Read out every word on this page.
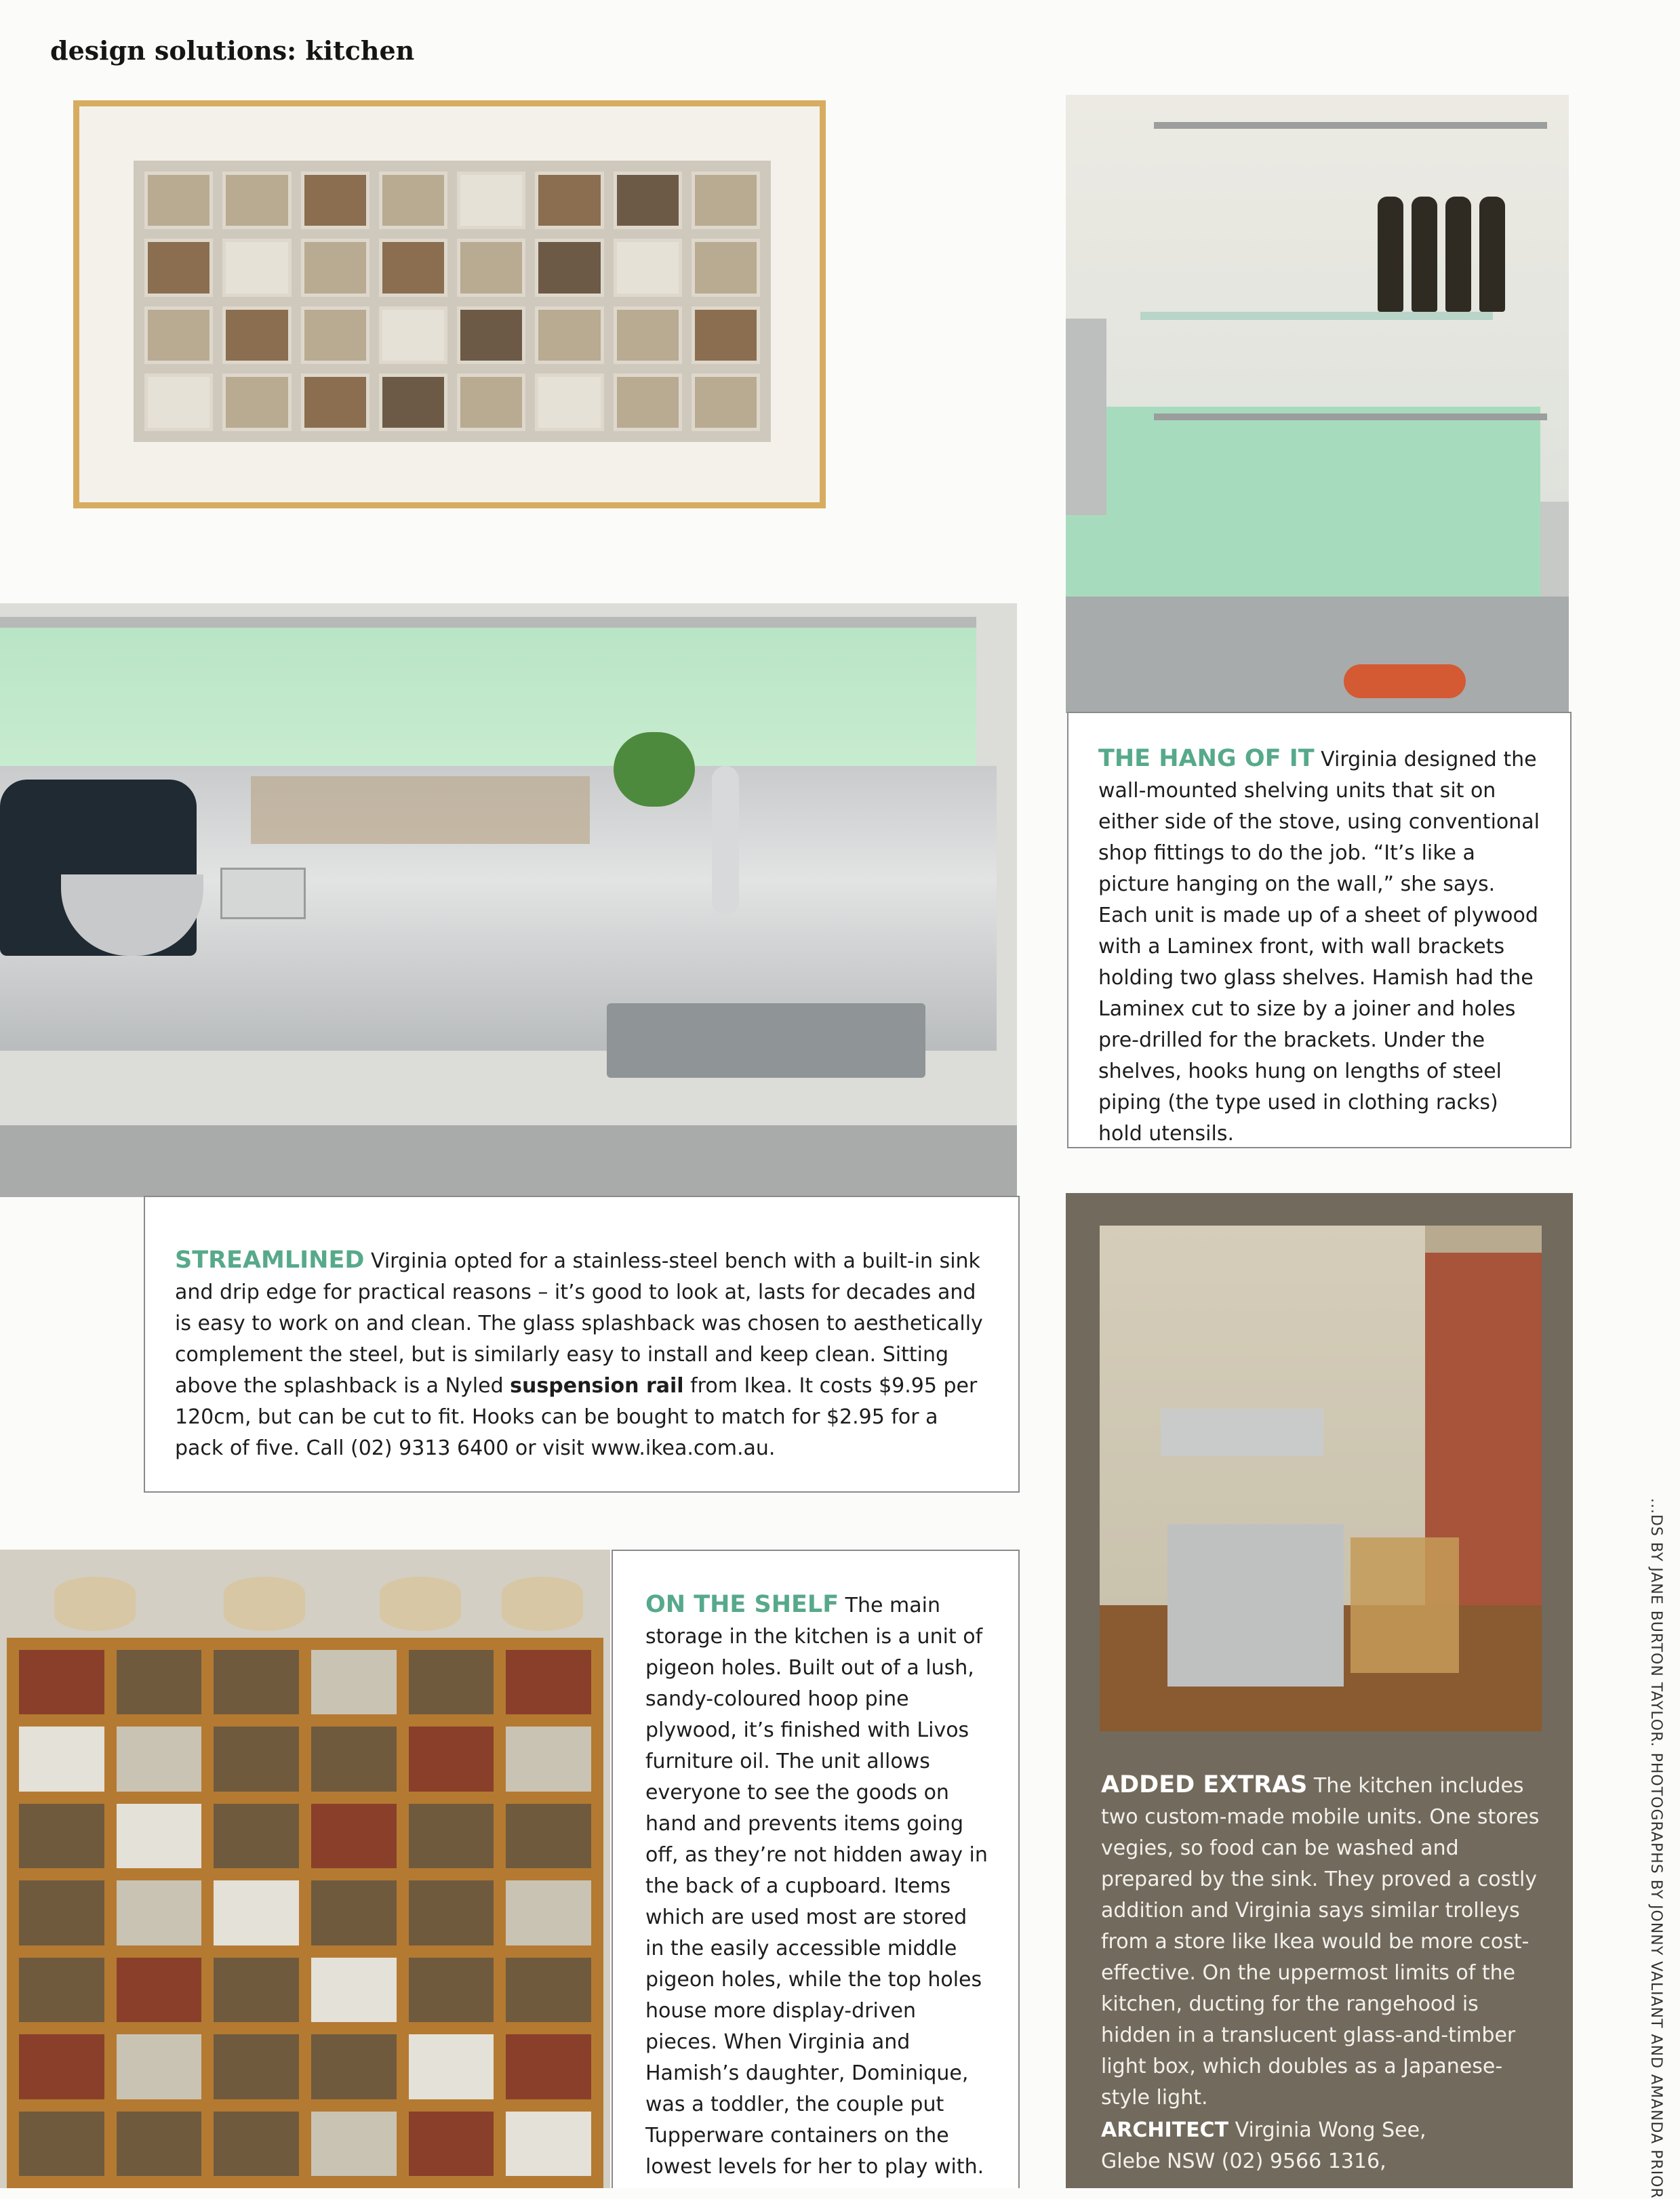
design solutions: kitchen
THE HANG OF IT Virginia designed the wall-mounted shelving units that sit on either side of the stove, using conventional shop fittings to do the job. “It’s like a picture hanging on the wall,” she says. Each unit is made up of a sheet of plywood with a Laminex front, with wall brackets holding two glass shelves. Hamish had the Laminex cut to size by a joiner and holes pre-drilled for the brackets. Under the shelves, hooks hung on lengths of steel piping (the type used in clothing racks) hold utensils.
STREAMLINED Virginia opted for a stainless-steel bench with a built-in sink and drip edge for practical reasons – it’s good to look at, lasts for decades and is easy to work on and clean. The glass splashback was chosen to aesthetically complement the steel, but is similarly easy to install and keep clean. Sitting above the splashback is a Nyled suspension rail from Ikea. It costs $9.95 per 120cm, but can be cut to fit. Hooks can be bought to match for $2.95 for a pack of five. Call (02) 9313 6400 or visit www.ikea.com.au.
ON THE SHELF The main storage in the kitchen is a unit of pigeon holes. Built out of a lush, sandy-coloured hoop pine plywood, it’s finished with Livos furniture oil. The unit allows everyone to see the goods on hand and prevents items going off, as they’re not hidden away in the back of a cupboard. Items which are used most are stored in the easily accessible middle pigeon holes, while the top holes house more display-driven pieces. When Virginia and Hamish’s daughter, Dominique, was a toddler, the couple put Tupperware containers on the lowest levels for her to play with.
ADDED EXTRAS The kitchen includes two custom-made mobile units. One stores vegies, so food can be washed and prepared by the sink. They proved a costly addition and Virginia says similar trolleys from a store like Ikea would be more cost-effective. On the uppermost limits of the kitchen, ducting for the rangehood is hidden in a translucent glass-and-timber light box, which doubles as a Japanese-style light.
ARCHITECT Virginia Wong See,
Glebe NSW (02) 9566 1316,	...DS BY JANE BURTON TAYLOR. PHOTOGRAPHS BY JONNY VALIANT AND AMANDA PRIOR
